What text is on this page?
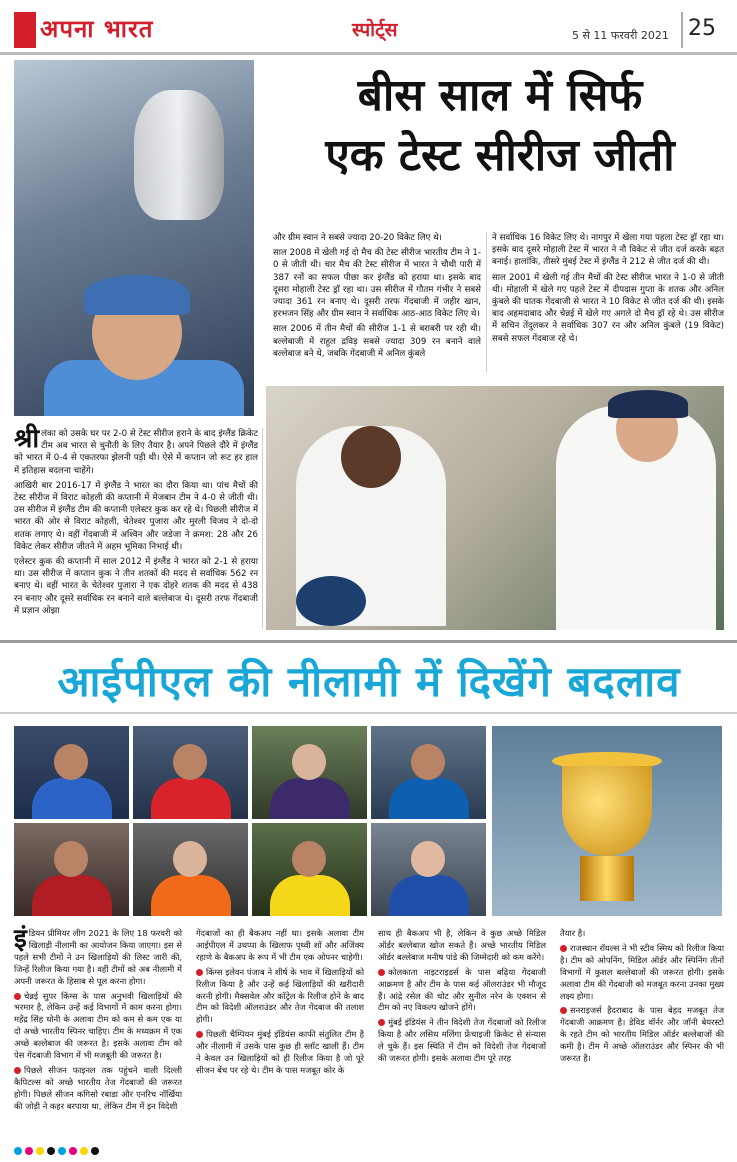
अपना भारत	स्पोर्ट्स	5 से 11 फरवरी 2021 25
बीस साल में सिर्फ
एक टेस्ट सीरीज जीती

श्री लंका को उसके घर पर 2-0 से टेस्ट सीरीज हराने के बाद इंग्लैंड क्रिकेट टीम अब भारत से चुनौती के लिए तैयार है। अपने पिछले दौरे में इंग्लैंड को भारत में 0-4 से एकतरफा झेलनी पड़ी थी। ऐसे में कप्तान जो रूट हर हाल में इतिहास बदलना चाहेंगे।

आखिरी बार 2016-17 में इंग्लैंड ने भारत का दौरा किया था। पांच मैचों की टेस्ट सीरीज में विराट कोहली की कप्तानी में मेजबान टीम ने 4-0 से जीती थी। उस सीरीज में इंग्लैंड टीम की कप्तानी एलेस्टर कुक कर रहे थे। पिछली सीरीज में भारत की ओर से विराट कोहली, चेतेश्वर पुजारा और मुरली विजय ने दो-दो शतक लगाए थे। वहीं गेंदबाजी में अश्विन और जडेजा ने क्रमश: 28 और 26 विकेट लेकर सीरीज जीतने में अहम भूमिका निभाई थी।

एलेस्टर कुक की कप्तानी में साल 2012 में इंग्लैंड ने भारत को 2-1 से हराया था। उस सीरीज में कप्तान कुक ने तीन शतकों की मदद से सर्वाधिक 562 रन बनाए थे। वहीं भारत के चेतेश्वर पुजारा ने एक दोहरे शतक की मदद से 438 रन बनाए और दूसरे सर्वाधिक रन बनाने वाले बल्लेबाज थे। दूसरी तरफ गेंदबाजी में प्रज्ञान ओझा

और ग्रीम स्वान ने सबसे ज्यादा 20-20 विकेट लिए थे।

साल 2008 में खेली गई दो मैच की टेस्ट सीरीज भारतीय टीम ने 1-0 से जीती थी। चार मैच की टेस्ट सीरीज में भारत ने चौथी पारी में 387 रनों का सफल पीछा कर इंग्लैंड को हराया था। इसके बाद दूसरा मोहाली टेस्ट ड्रॉ रहा था। उस सीरीज में गौतम गंभीर ने सबसे ज्यादा 361 रन बनाए थे। दूसरी तरफ गेंदबाजी में जहीर खान, हरभजन सिंह और ग्रीम स्वान ने सर्वाधिक आठ-आठ विकेट लिए थे।

साल 2006 में तीन मैचों की सीरीज 1-1 से बराबरी पर रही थी। बल्लेबाजी में राहुल द्रविड़ सबसे ज्यादा 309 रन बनाने वाले बल्लेबाज बने थे, जबकि गेंदबाजी में अनिल कुंबले

ने सर्वाधिक 16 विकेट लिए थे। नागपुर में खेला गया पहला टेस्ट ड्रॉ रहा था। इसके बाद दूसरे मोहाली टेस्ट में भारत ने नौ विकेट से जीत दर्ज करके बढ़त बनाई। हालांकि, तीसरे मुंबई टेस्ट में इंग्लैंड ने 212 से जीत दर्ज की थी।

साल 2001 में खेली गई तीन मैचों की टेस्ट सीरीज भारत ने 1-0 से जीती थी। मोहाली में खेले गए पहले टेस्ट में दीपदास गुप्ता के शतक और अनिल कुंबले की घातक गेंदबाजी से भारत ने 10 विकेट से जीत दर्ज की थी। इसके बाद अहमदाबाद और चेन्नई में खेले गए अगले दो मैच ड्रॉ रहे थे। उस सीरीज में सचिन तेंदुलकर ने सर्वाधिक 307 रन और अनिल कुंबले (19 विकेट) सबसे सफल गेंदबाज रहे थे।

आईपीएल की नीलामी में दिखेंगे बदलाव

इंडियन प्रीमियर लीग 2021 के लिए 18 फरवरी को खिलाड़ी नीलामी का आयोजन किया जाएगा। इस से पहले सभी टीमों ने उन खिलाड़ियों की लिस्ट जारी की, जिन्हें रिलीज किया गया है। वहीं टीमों को अब नीलामी में अपनी जरूरत के हिसाब से पूल करना होगा।

चेन्नई सुपर किंग्स के पास अनुभवी खिलाड़ियों की भरमार है, लेकिन उन्हें कई विभागों में काम करना होगा। महेंद्र सिंह धोनी के अलावा टीम को कम से कम एक या दो अच्छे भारतीय स्पिनर चाहिए। टीम के मध्यक्रम में एक अच्छे बल्लेबाज की जरूरत है। इसके अलावा टीम को पेस गेंदबाजी विभाग में भी मजबूती की जरूरत है।

पिछले सीजन फाइनल तक पहुंचने वाली दिल्ली कैपिटल्स को अच्छे भारतीय तेज गेंदबाजों की जरूरत होगी। पिछले सीजन कगिसो रबाडा और एनरिच नॉर्खिया की जोड़ी ने कहर बरपाया था, लेकिन टीम में इन विदेशी

गेंदबाजों का ही बैकअप नहीं था। इसके अलावा टीम आईपीएल में उथप्पा के खिलाफ पृथ्वी शॉ और अजिंक्य रहाणे के बैकअप के रूप में भी टीम एक ओपनर चाहेगी।

किंग्स इलेवन पंजाब ने शीर्ष के भाव में खिलाड़ियों को रिलीज किया है और उन्हें कई खिलाड़ियों की खरीदारी करनी होगी। मैक्सवेल और कॉट्रेल के रिलीज होने के बाद टीम को विदेशी ऑलराउंडर और तेज गेंदबाज की तलाश होगी।

पिछली चैम्पियन मुंबई इंडियंस काफी संतुलित टीम है और नीलामी में उसके पास कुछ ही स्लॉट खाली हैं। टीम ने केवल उन खिलाड़ियों को ही रिलीज किया है जो पूरे सीजन बेंच पर रहे थे। टीम के पास मजबूत कोर के

साथ ही बैकअप भी है, लेकिन वे कुछ अच्छे मिडिल ऑर्डर बल्लेबाज खोज सकते हैं। अच्छे भारतीय मिडिल ऑर्डर बल्लेबाज मनीष पांडे की जिम्मेदारी को कम करेंगे।

कोलकाता नाइटराइडर्स के पास बढ़िया गेंदबाजी आक्रमण है और टीम के पास कई ऑलराउंडर भी मौजूद हैं। आंद्रे रसेल की चोट और सुनील नरेन के एक्शन से टीम को नए विकल्प खोजने होंगे।

मुंबई इंडियंस ने तीन विदेशी तेज गेंदबाजों को रिलीज किया है और लसिथ मलिंगा फ्रेंचाइजी क्रिकेट से संन्यास ले चुके हैं। इस स्थिति में टीम को विदेशी तेज गेंदबाजों की जरूरत होगी। इसके अलावा टीम पूरे तरह

तैयार है।

राजस्थान रॉयल्स ने भी स्टीव स्मिथ को रिलीज किया है। टीम को ओपनिंग, मिडिल ऑर्डर और स्पिनिंग तीनों विभागों में कुशल बल्लेबाजों की जरूरत होगी। इसके अलावा टीम की गेंदबाजी को मजबूत करना उनका मुख्य लक्ष्य होगा।

सनराइजर्स हैदराबाद के पास बेहद मजबूत तेज गेंदबाजी आक्रमण है। डेविड वॉर्नर और जॉनी बेयरस्टो के रहते टीम को भारतीय मिडिल ऑर्डर बल्लेबाजों की कमी है। टीम में अच्छे ऑलराउंडर और स्पिनर की भी जरूरत है।
